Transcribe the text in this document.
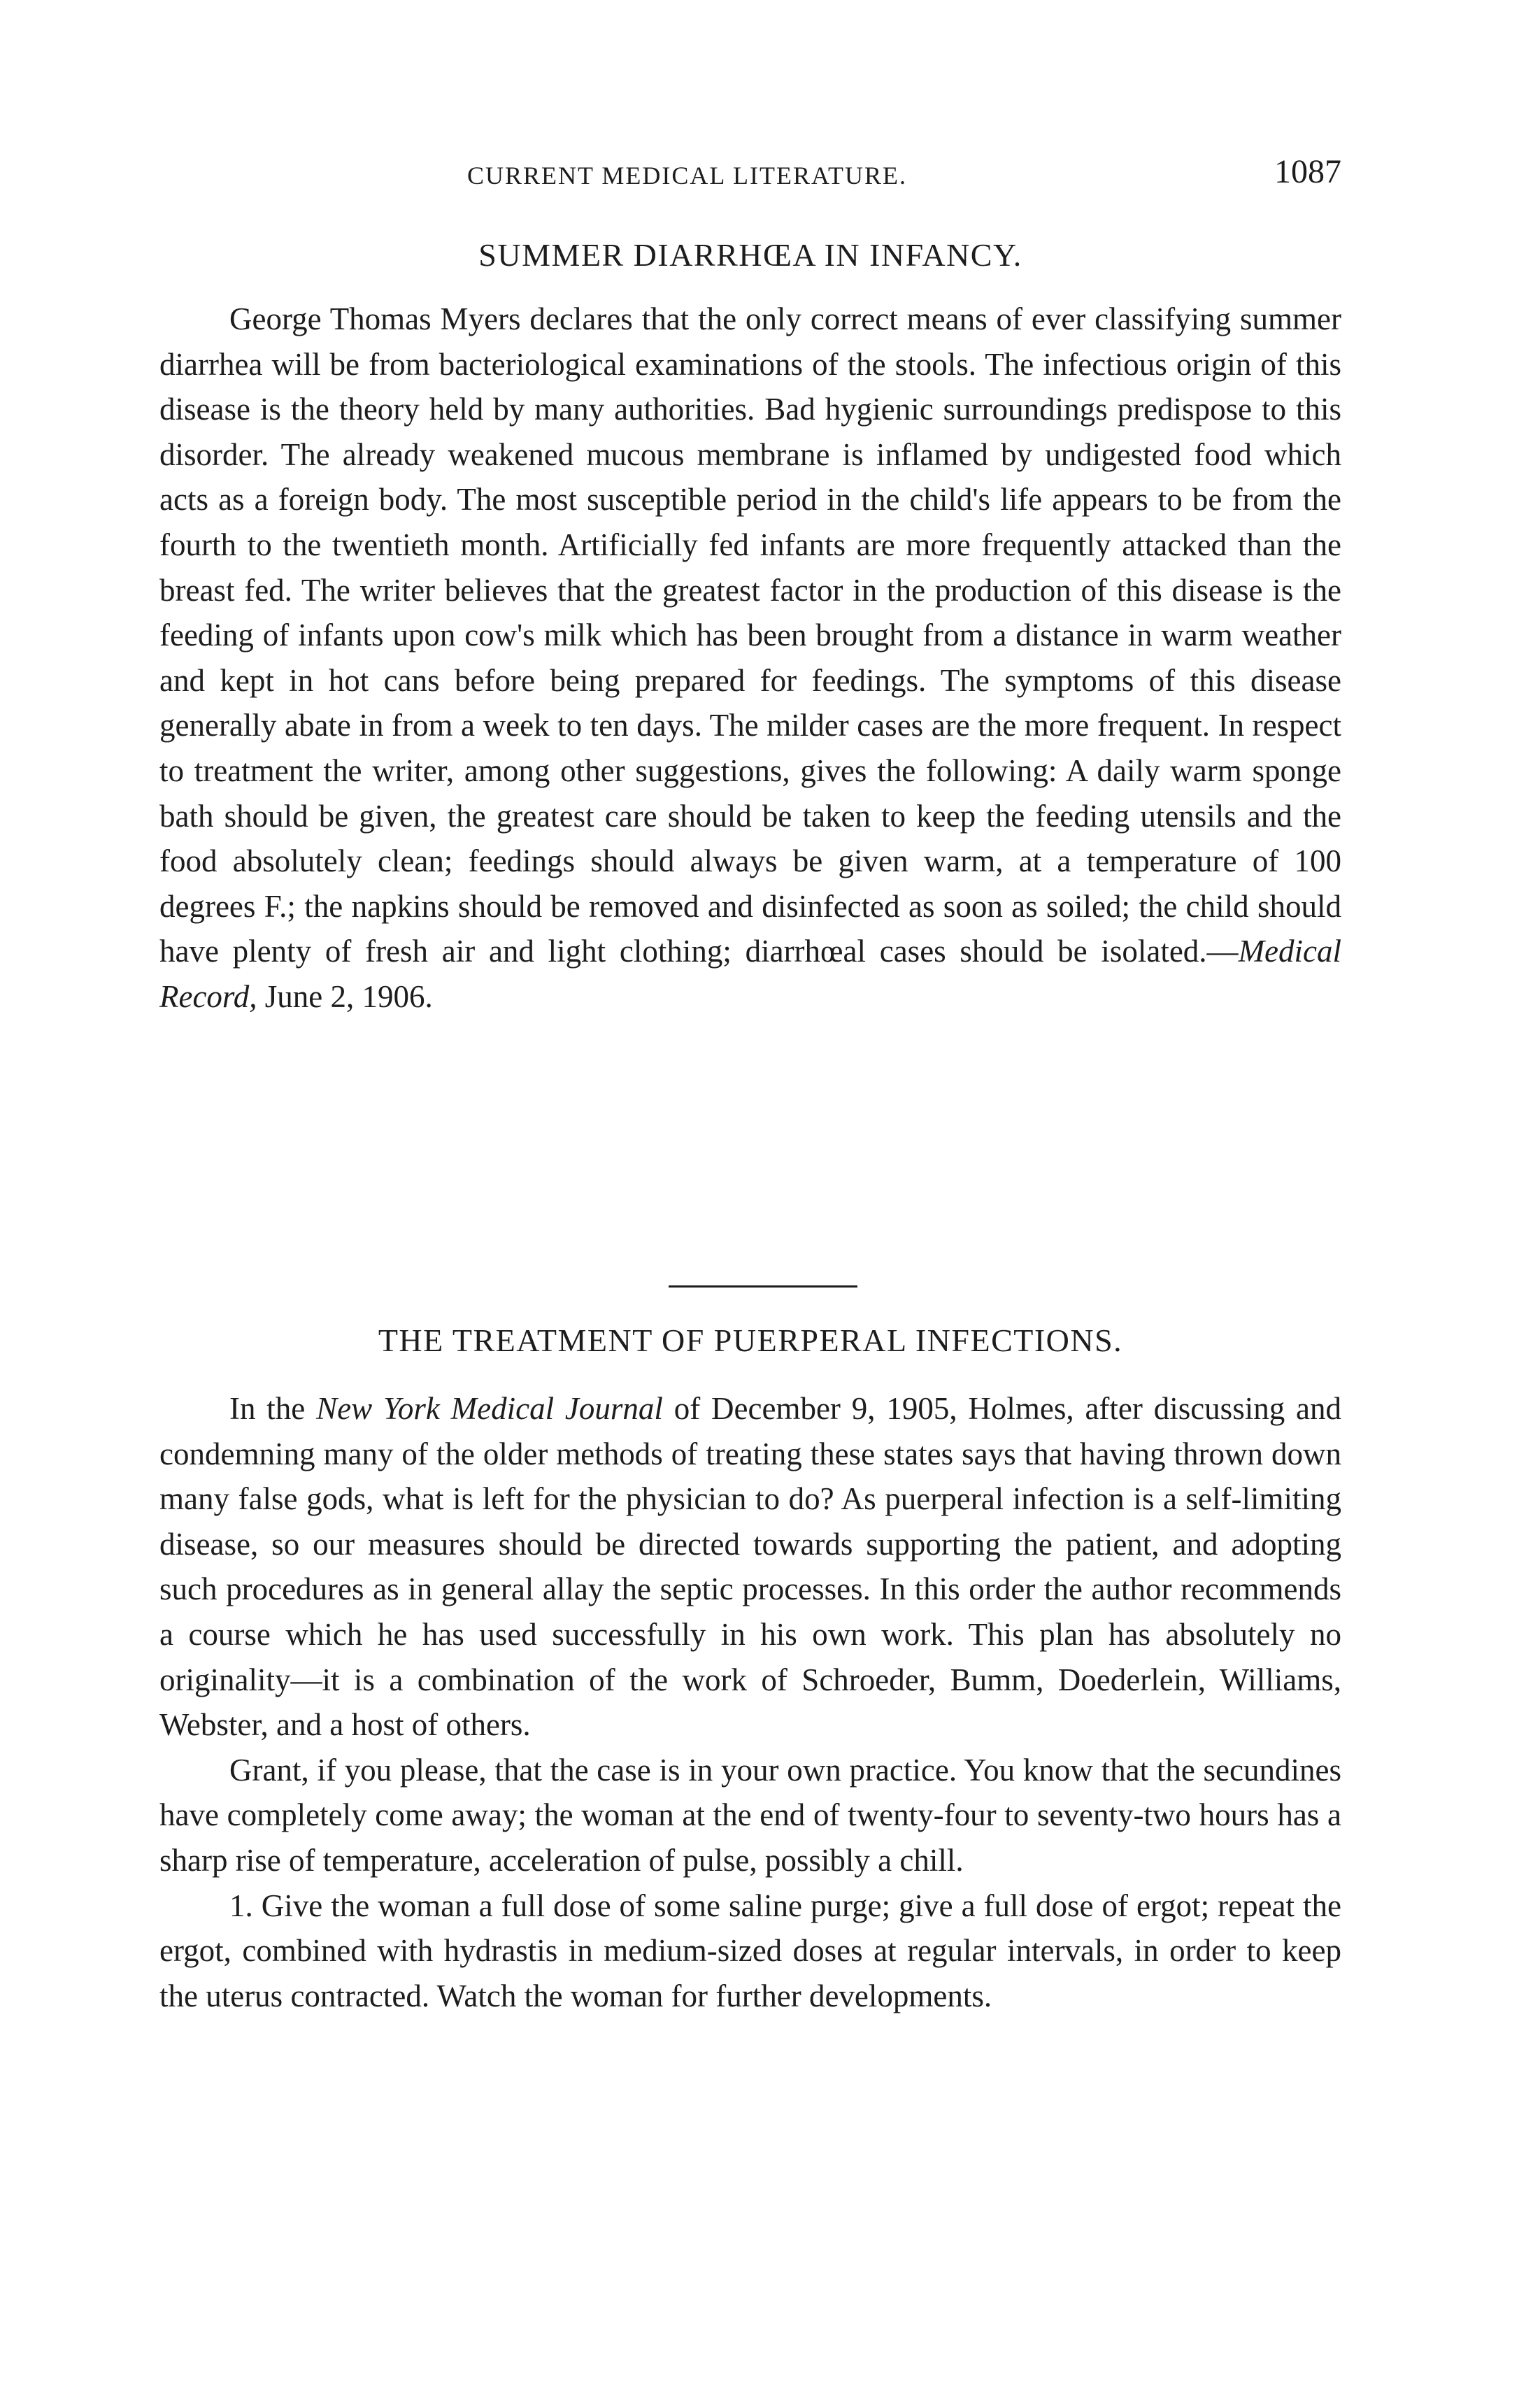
CURRENT MEDICAL LITERATURE.	1087
SUMMER DIARRHŒA IN INFANCY.

George Thomas Myers declares that the only correct means of ever classifying summer diarrhea will be from bacteriological examinations of the stools. The infectious origin of this disease is the theory held by many authorities. Bad hygienic surroundings predispose to this disorder. The already weakened mucous membrane is inflamed by undigested food which acts as a foreign body. The most susceptible period in the child's life appears to be from the fourth to the twentieth month. Artificially fed infants are more frequently attacked than the breast fed. The writer believes that the greatest factor in the production of this disease is the feeding of infants upon cow's milk which has been brought from a distance in warm weather and kept in hot cans before being prepared for feedings. The symptoms of this disease generally abate in from a week to ten days. The milder cases are the more frequent. In respect to treatment the writer, among other suggestions, gives the following: A daily warm sponge bath should be given, the greatest care should be taken to keep the feeding utensils and the food absolutely clean; feedings should always be given warm, at a temperature of 100 degrees F.; the napkins should be removed and disinfected as soon as soiled; the child should have plenty of fresh air and light clothing; diarrhœal cases should be isolated.—Medical Record, June 2, 1906.

THE TREATMENT OF PUERPERAL INFECTIONS.

In the New York Medical Journal of December 9, 1905, Holmes, after discussing and condemning many of the older methods of treating these states says that having thrown down many false gods, what is left for the physician to do? As puerperal infection is a self-limiting disease, so our measures should be directed towards supporting the patient, and adopting such procedures as in general allay the septic processes. In this order the author recommends a course which he has used successfully in his own work. This plan has absolutely no originality—it is a combination of the work of Schroeder, Bumm, Doederlein, Williams, Webster, and a host of others.

Grant, if you please, that the case is in your own practice. You know that the secundines have completely come away; the woman at the end of twenty-four to seventy-two hours has a sharp rise of temperature, acceleration of pulse, possibly a chill.

1. Give the woman a full dose of some saline purge; give a full dose of ergot; repeat the ergot, combined with hydrastis in medium-sized doses at regular intervals, in order to keep the uterus contracted. Watch the woman for further developments.
